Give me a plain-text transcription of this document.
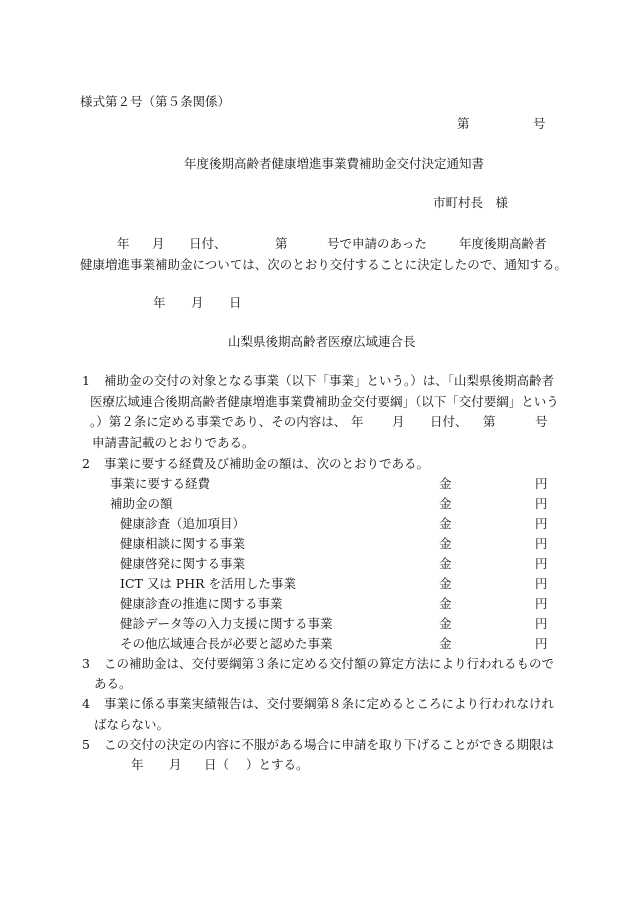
様式第２号（第５条関係）
第	号
年度後期高齢者健康増進事業費補助金交付決定通知書
市町村長　様
年 月 日付、	第	号で申請のあった	年度後期高齢者
健康増進事業補助金については、次のとおり交付することに決定したので、通知する。
年 月 日
山梨県後期高齢者医療広域連合長
1 補助金の交付の対象となる事業（以下「事業」という。）は、「山梨県後期高齢者
医療広域連合後期高齢者健康増進事業費補助金交付要綱」（以下「交付要綱」という
。）第２条に定める事業であり、その内容は、 年 月 日付、 第	号
申請書記載のとおりである。
2 事業に要する経費及び補助金の額は、次のとおりである。
事業に要する経費	金	円
補助金の額	金	円
健康診査（追加項目）	金	円
健康相談に関する事業	金	円
健康啓発に関する事業	金	円
ICT 又は PHR を活用した事業	金	円
健康診査の推進に関する事業	金	円
健診データ等の入力支援に関する事業	金	円
その他広域連合長が必要と認めた事業	金	円
3 この補助金は、交付要綱第３条に定める交付額の算定方法により行われるもので
ある。
4 事業に係る事業実績報告は、交付要綱第８条に定めるところにより行われなけれ
ばならない。
5 この交付の決定の内容に不服がある場合に申請を取り下げることができる期限は
年 月 日（ ）とする。
